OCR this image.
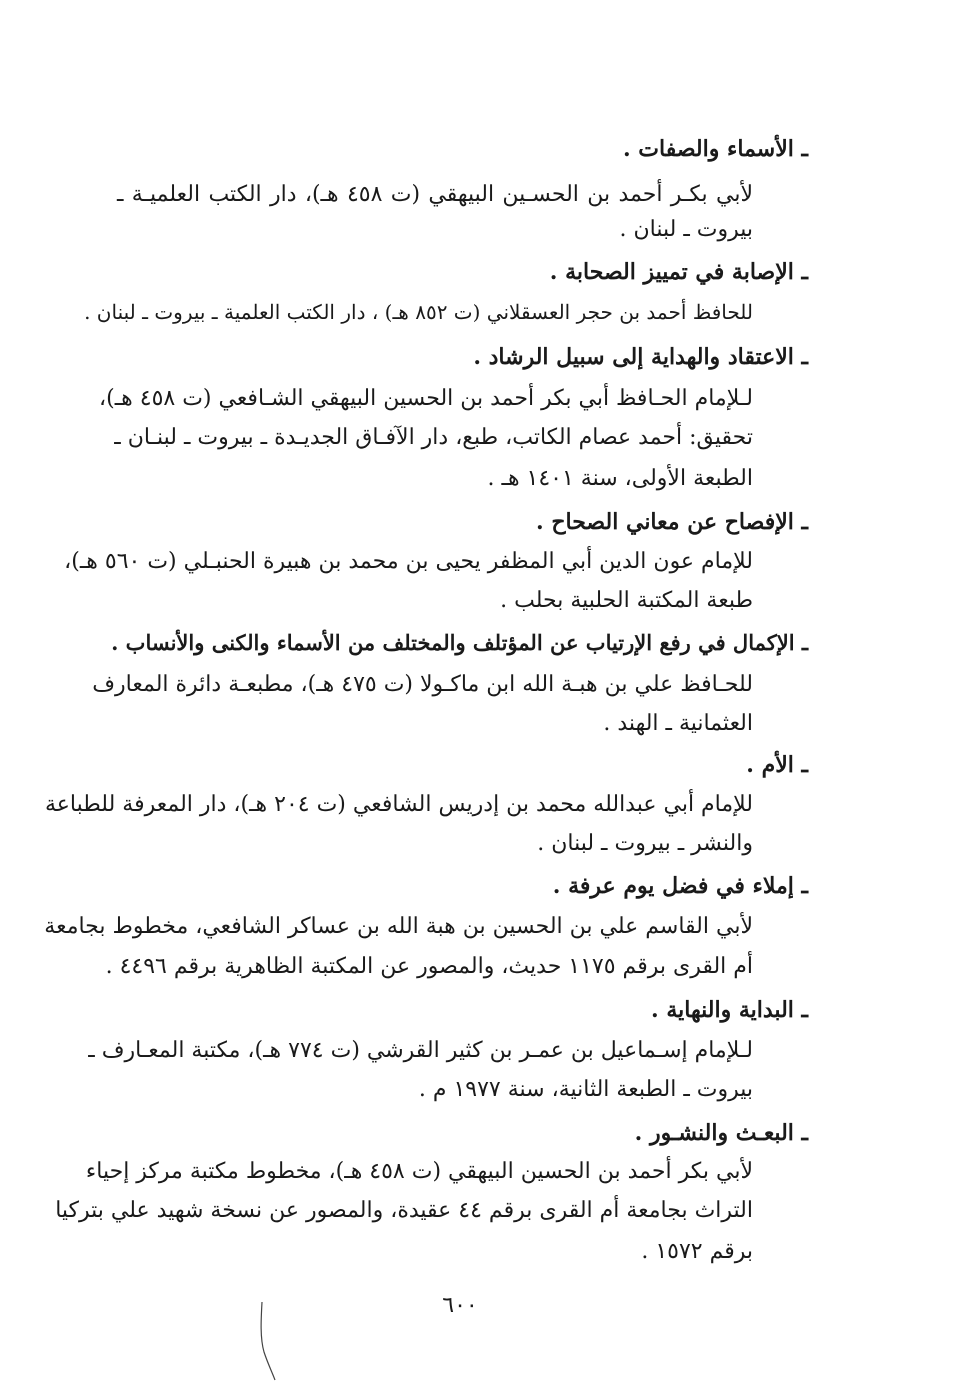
ـ الأسماء والصفات .
لأبي بكـر أحمد بن الحسـين البيهقي (ت ٤٥٨ هـ)، دار الكتب العلميـة ـ
بيروت ـ لبنان .
ـ الإصابة في تمييز الصحابة .
للحافظ أحمد بن حجر العسقلاني (ت ٨٥٢ هـ) ، دار الكتب العلمية ـ بيروت ـ لبنان .
ـ الاعتقاد والهداية إلى سبيل الرشاد .
لـلإمام الحـافظ أبي بكر أحمد بن الحسين البيهقي الشـافعي (ت ٤٥٨ هـ)،
تحقيق: أحمد عصام الكاتب، طبع، دار الآفـاق الجديـدة ـ بيروت ـ لبنـان ـ
الطبعة الأولى، سنة ١٤٠١ هـ .
ـ الإفصاح عن معاني الصحاح .
للإمام عون الدين أبي المظفر يحيى بن محمد بن هبيرة الحنبـلي (ت ٥٦٠ هـ)،
طبعة المكتبة الحلبية بحلب .
ـ الإكمال في رفع الإرتياب عن المؤتلف والمختلف من الأسماء والكنى والأنساب .
للحـافظ علي بن هبـة الله ابن ماكـولا (ت ٤٧٥ هـ)، مطبعـة دائرة المعارف
العثمانية ـ الهند .
ـ الأم .
للإمام أبي عبدالله محمد بن إدريس الشافعي (ت ٢٠٤ هـ)، دار المعرفة للطباعة
والنشر ـ بيروت ـ لبنان .
ـ إملاء في فضل يوم عرفة .
لأبي القاسم علي بن الحسين بن هبة الله بن عساكر الشافعي، مخطوط بجامعة
أم القرى برقم ١١٧٥ حديث، والمصور عن المكتبة الظاهرية برقم ٤٤٩٦ .
ـ البداية والنهاية .
لـلإمام إسـماعيل بن عمـر بن كثير القرشي (ت ٧٧٤ هـ)، مكتبة المعـارف ـ
بيروت ـ الطبعة الثانية، سنة ١٩٧٧ م .
ـ البعـث والنشـور .
لأبي بكر أحمد بن الحسين البيهقي (ت ٤٥٨ هـ)، مخطوط مكتبة مركز إحياء
التراث بجامعة أم القرى برقم ٤٤ عقيدة، والمصور عن نسخة شهيد علي بتركيا
برقم ١٥٧٢ .
٦٠٠
